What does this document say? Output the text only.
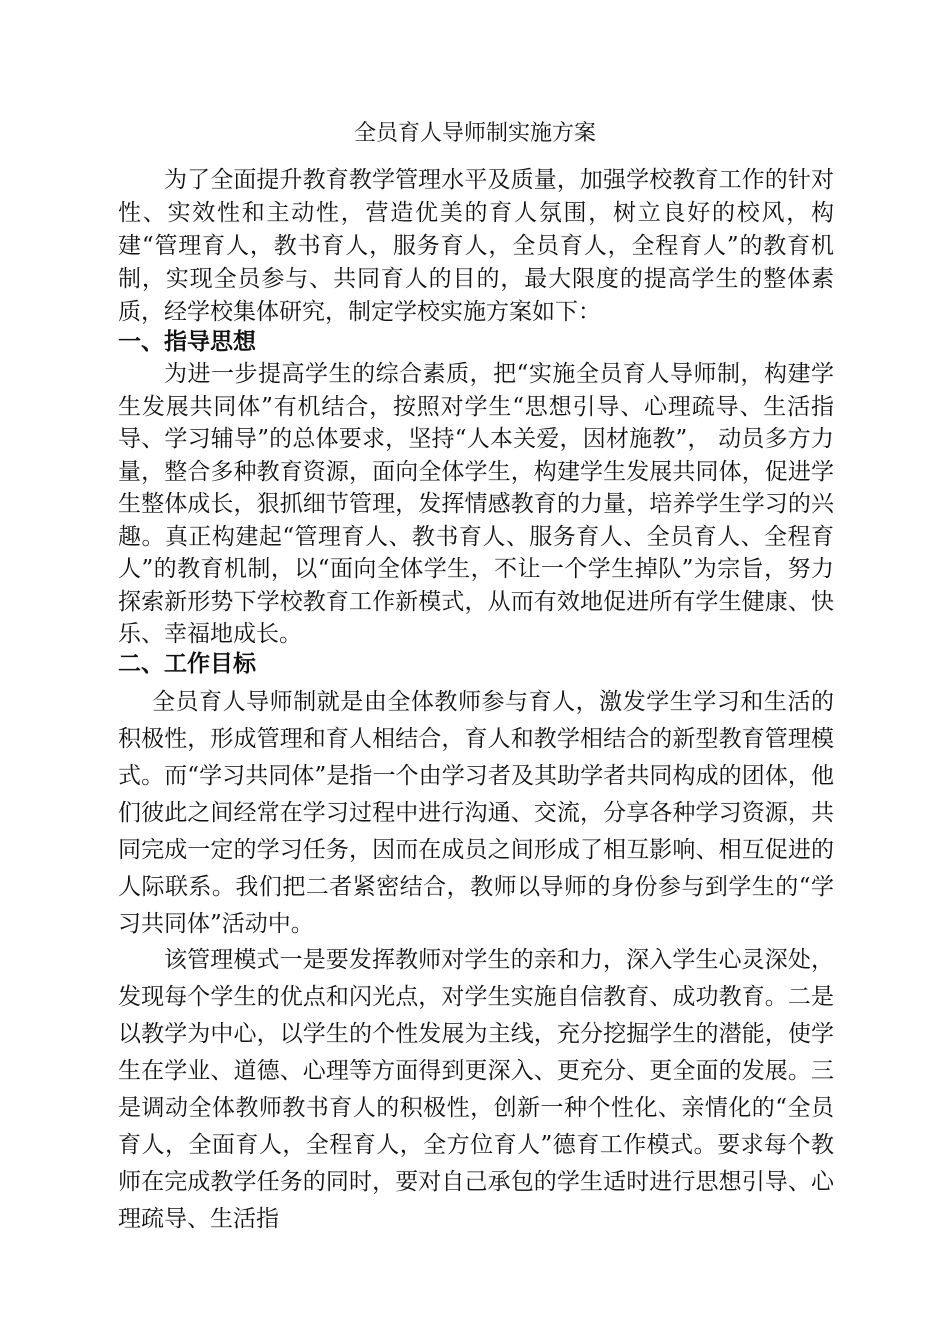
全员育人导师制实施方案

为了全面提升教育教学管理水平及质量，加强学校教育工作的针对性、实效性和主动性，营造优美的育人氛围，树立良好的校风，构建“管理育人，教书育人，服务育人，全员育人，全程育人”的教育机制，实现全员参与、共同育人的目的，最大限度的提高学生的整体素质，经学校集体研究，制定学校实施方案如下：

一、指导思想

为进一步提高学生的综合素质，把“实施全员育人导师制，构建学生发展共同体”有机结合，按照对学生“思想引导、心理疏导、生活指导、学习辅导”的总体要求，坚持“人本关爱，因材施教”， 动员多方力量，整合多种教育资源，面向全体学生，构建学生发展共同体，促进学生整体成长，狠抓细节管理，发挥情感教育的力量，培养学生学习的兴趣。真正构建起“管理育人、教书育人、服务育人、全员育人、全程育人”的教育机制，以“面向全体学生，不让一个学生掉队”为宗旨，努力探索新形势下学校教育工作新模式，从而有效地促进所有学生健康、快乐、幸福地成长。

二、工作目标

全员育人导师制就是由全体教师参与育人，激发学生学习和生活的积极性，形成管理和育人相结合，育人和教学相结合的新型教育管理模式。而“学习共同体”是指一个由学习者及其助学者共同构成的团体，他们彼此之间经常在学习过程中进行沟通、交流，分享各种学习资源，共同完成一定的学习任务，因而在成员之间形成了相互影响、相互促进的人际联系。我们把二者紧密结合，教师以导师的身份参与到学生的“学习共同体”活动中。

该管理模式一是要发挥教师对学生的亲和力，深入学生心灵深处，发现每个学生的优点和闪光点，对学生实施自信教育、成功教育。二是以教学为中心，以学生的个性发展为主线，充分挖掘学生的潜能，使学生在学业、道德、心理等方面得到更深入、更充分、更全面的发展。三是调动全体教师教书育人的积极性，创新一种个性化、亲情化的“全员育人，全面育人，全程育人，全方位育人”德育工作模式。要求每个教师在完成教学任务的同时，要对自己承包的学生适时进行思想引导、心理疏导、生活指
